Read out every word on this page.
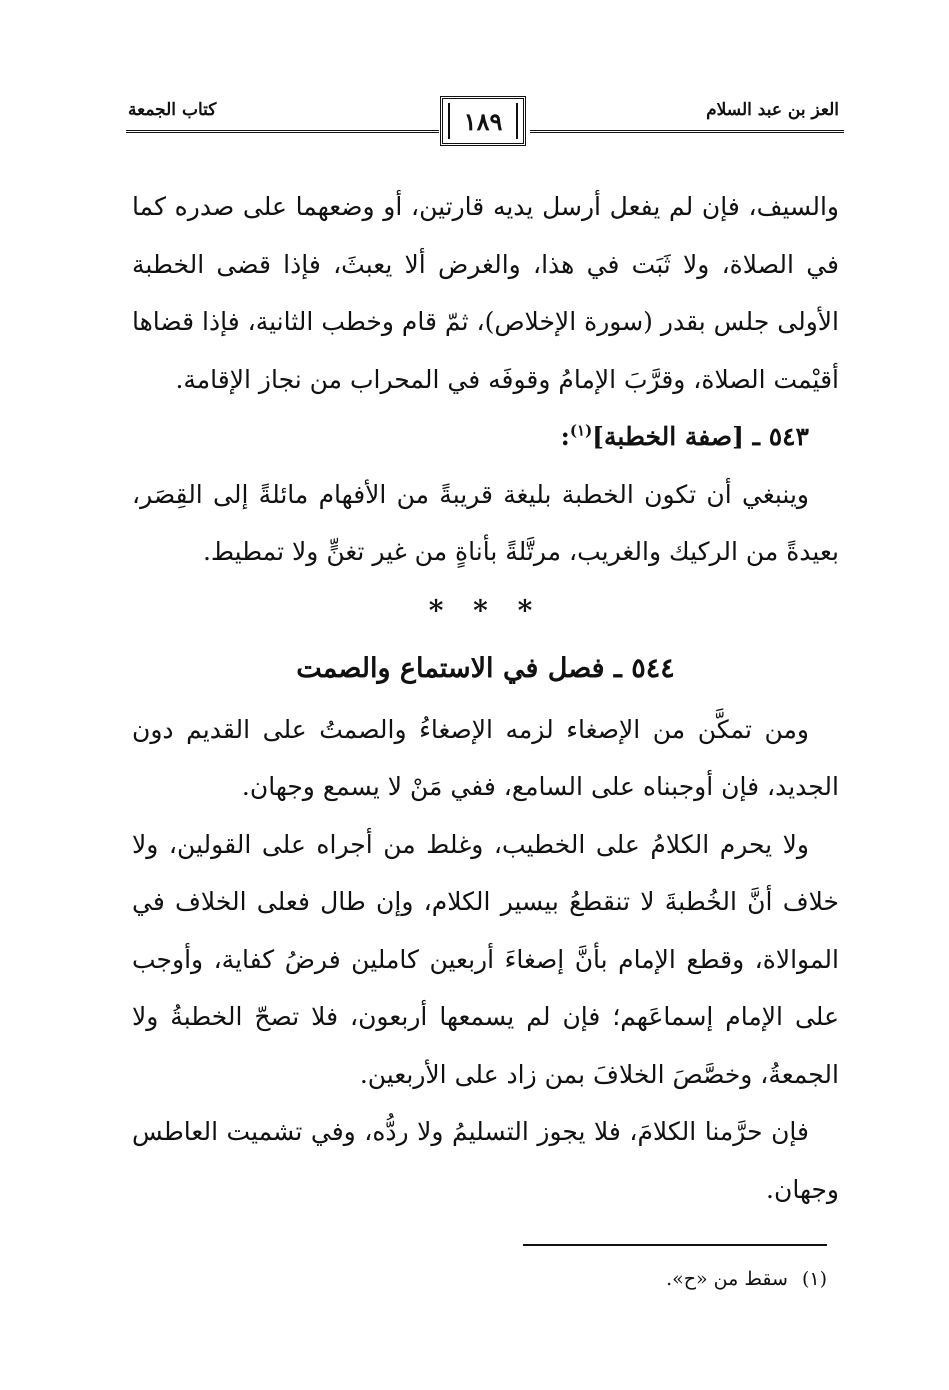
العز بن عبد السلام
١٨٩
كتاب الجمعة

والسيف، فإن لم يفعل أرسل يديه قارتين، أو وضعهما على صدره كما في الصلاة، ولا ثَبَت في هذا، والغرض ألا يعبثَ، فإذا قضى الخطبة الأولى جلس بقدر (سورة الإخلاص)، ثمّ قام وخطب الثانية، فإذا قضاها أقيْمت الصلاة، وقرَّبَ الإمامُ وقوفَه في المحراب من نجاز الإقامة.

٥٤٣ ـ [صفة الخطبة]$^{(١)}$:

وينبغي أن تكون الخطبة بليغة قريبةً من الأفهام مائلةً إلى القِصَر، بعيدةً من الركيك والغريب، مرتَّلةً بأناةٍ من غير تغنٍّ ولا تمطيط.

* * *

٥٤٤ ـ فصل في الاستماع والصمت

ومن تمكَّن من الإصغاء لزمه الإصغاءُ والصمتُ على القديم دون الجديد، فإن أوجبناه على السامع، ففي مَنْ لا يسمع وجهان.

ولا يحرم الكلامُ على الخطيب، وغلط من أجراه على القولين، ولا خلاف أنَّ الخُطبةَ لا تنقطعُ بيسير الكلام، وإن طال فعلى الخلاف في الموالاة، وقطع الإمام بأنَّ إصغاءَ أربعين كاملين فرضُ كفاية، وأوجب على الإمام إسماعَهم؛ فإن لم يسمعها أربعون، فلا تصحّ الخطبةُ ولا الجمعةُ، وخصَّصَ الخلافَ بمن زاد على الأربعين.

فإن حرَّمنا الكلامَ، فلا يجوز التسليمُ ولا ردُّه، وفي تشميت العاطس وجهان.

(١)سقط من «ح».
